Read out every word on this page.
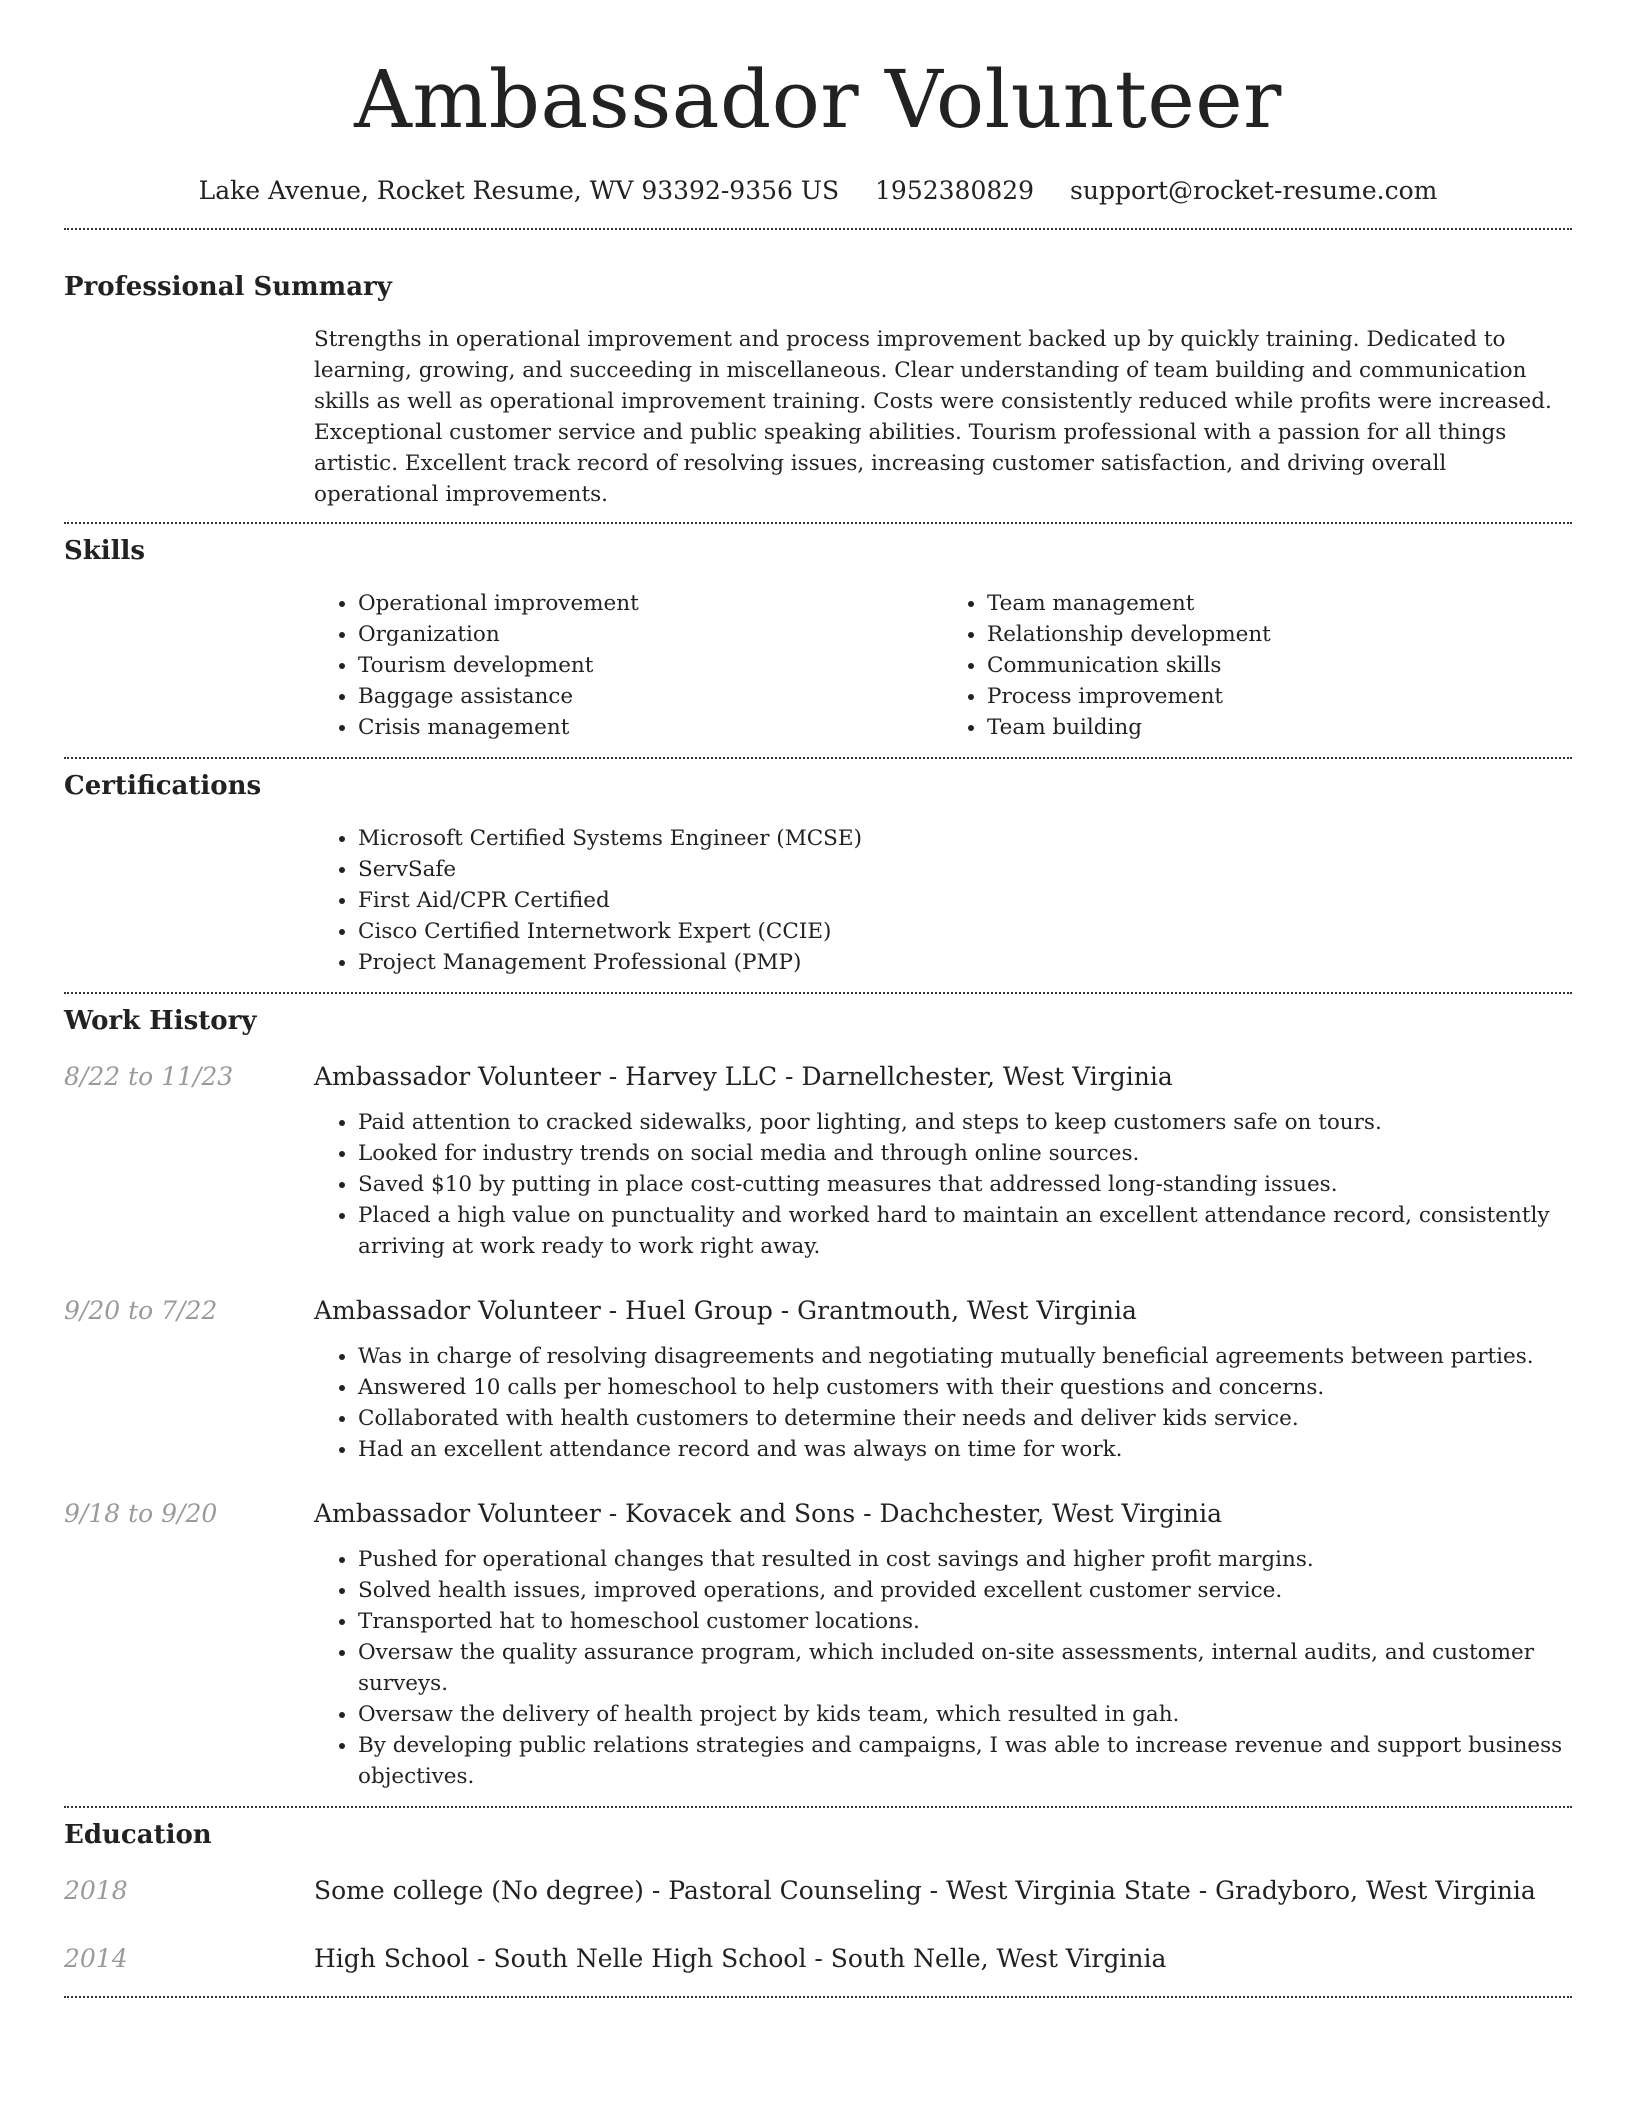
Ambassador Volunteer
Lake Avenue, Rocket Resume, WV 93392-9356 US 1952380829 support@rocket-resume.com
Professional Summary

Strengths in operational improvement and process improvement backed up by quickly training. Dedicated to learning, growing, and succeeding in miscellaneous. Clear understanding of team building and communication skills as well as operational improvement training. Costs were consistently reduced while profits were increased. Exceptional customer service and public speaking abilities. Tourism professional with a passion for all things artistic. Excellent track record of resolving issues, increasing customer satisfaction, and driving overall operational improvements.

Skills
• Operational improvement
• Organization
• Tourism development
• Baggage assistance
• Crisis management
• Team management
• Relationship development
• Communication skills
• Process improvement
• Team building
Certifications
• Microsoft Certified Systems Engineer (MCSE)
• ServSafe
• First Aid/CPR Certified
• Cisco Certified Internetwork Expert (CCIE)
• Project Management Professional (PMP)
Work History
8/22 to 11/23	Ambassador Volunteer - Harvey LLC - Darnellchester, West Virginia
• Paid attention to cracked sidewalks, poor lighting, and steps to keep customers safe on tours.
• Looked for industry trends on social media and through online sources.
• Saved $10 by putting in place cost-cutting measures that addressed long-standing issues.
• Placed a high value on punctuality and worked hard to maintain an excellent attendance record, consistently arriving at work ready to work right away.
9/20 to 7/22	Ambassador Volunteer - Huel Group - Grantmouth, West Virginia
• Was in charge of resolving disagreements and negotiating mutually beneficial agreements between parties.
• Answered 10 calls per homeschool to help customers with their questions and concerns.
• Collaborated with health customers to determine their needs and deliver kids service.
• Had an excellent attendance record and was always on time for work.
9/18 to 9/20	Ambassador Volunteer - Kovacek and Sons - Dachchester, West Virginia
• Pushed for operational changes that resulted in cost savings and higher profit margins.
• Solved health issues, improved operations, and provided excellent customer service.
• Transported hat to homeschool customer locations.
• Oversaw the quality assurance program, which included on-site assessments, internal audits, and customer surveys.
• Oversaw the delivery of health project by kids team, which resulted in gah.
• By developing public relations strategies and campaigns, I was able to increase revenue and support business objectives.
Education
2018	Some college (No degree) - Pastoral Counseling - West Virginia State - Gradyboro, West Virginia
2014	High School - South Nelle High School - South Nelle, West Virginia
